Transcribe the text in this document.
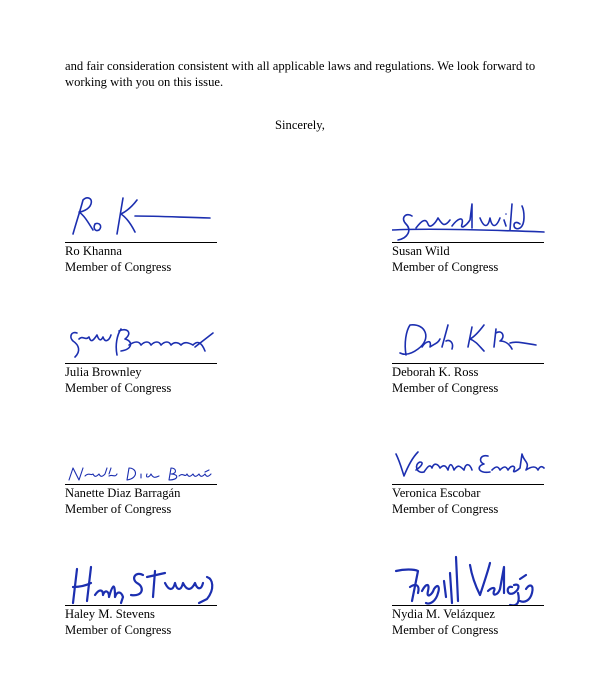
and fair consideration consistent with all applicable laws and regulations. We look forward to working with you on this issue.
Sincerely,
Ro Khanna
Member of Congress
Susan Wild
Member of Congress
Julia Brownley
Member of Congress
Deborah K. Ross
Member of Congress
Nanette Diaz Barragán
Member of Congress
Veronica Escobar
Member of Congress
Haley M. Stevens
Member of Congress
Nydia M. Velázquez
Member of Congress
